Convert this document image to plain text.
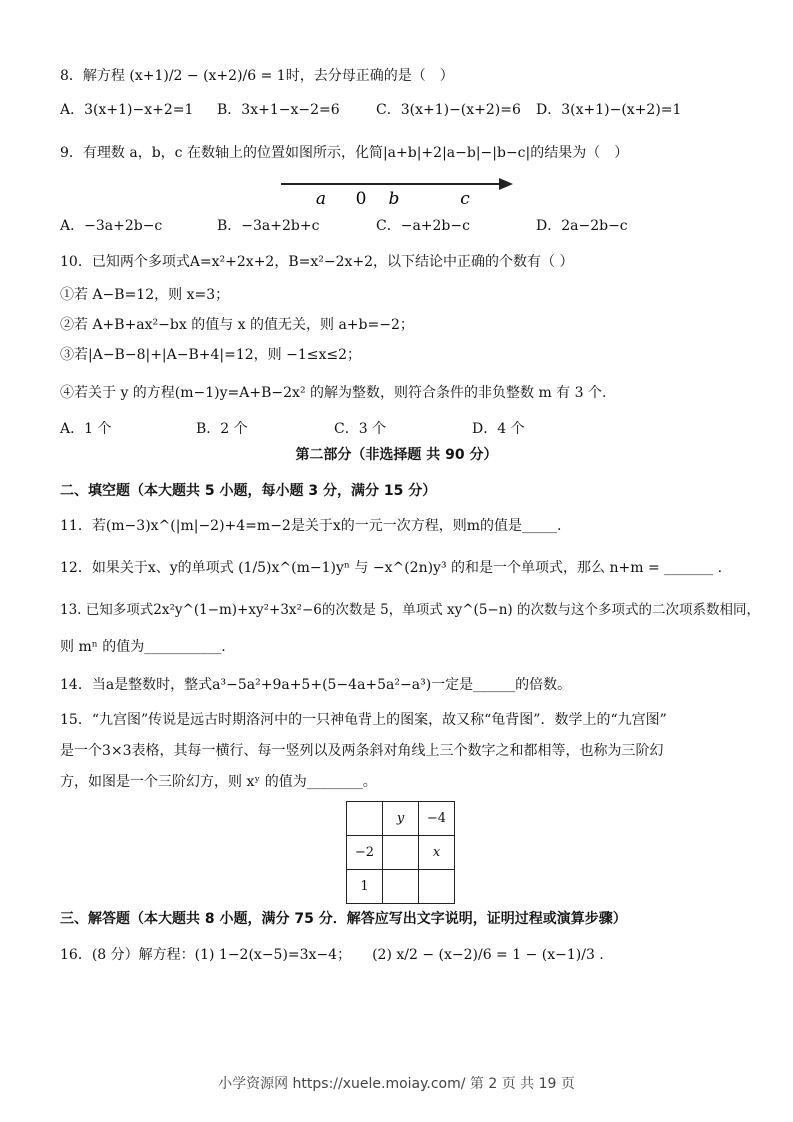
8．解方程 (x+1)/2 − (x+2)/6 = 1时，去分母正确的是（　）
A．3(x+1)−x+2=1 B．3x+1−x−2=6	C．3(x+1)−(x+2)=6 D．3(x+1)−(x+2)=1
9．有理数 a，b，c 在数轴上的位置如图所示，化简|a+b|+2|a−b|−|b−c|的结果为（　）
a 0 b	c
A．−3a+2b−c	B．−3a+2b+c	C．−a+2b−c	D．2a−2b−c
10．已知两个多项式A=x²+2x+2，B=x²−2x+2，以下结论中正确的个数有（ ）
①若 A−B=12，则 x=3；
②若 A+B+ax²−bx 的值与 x 的值无关，则 a+b=−2；
③若|A−B−8|+|A−B+4|=12，则 −1≤x≤2；
④若关于 y 的方程(m−1)y=A+B−2x² 的解为整数，则符合条件的非负整数 m 有 3 个.
A．1 个	B．2 个	C．3 个	D．4 个
第二部分（非选择题 共 90 分）
二、填空题（本大题共 5 小题，每小题 3 分，满分 15 分）
11．若(m−3)x^(|m|−2)+4=m−2是关于x的一元一次方程，则m的值是_____.
12．如果关于x、y的单项式 (1/5)x^(m−1)yⁿ 与 −x^(2n)y³ 的和是一个单项式，那么 n+m = _______ .
13. 已知多项式2x²y^(1−m)+xy²+3x²−6的次数是 5，单项式 xy^(5−n) 的次数与这个多项式的二次项系数相同，
则 mⁿ 的值为___________.
14．当a是整数时，整式a³−5a²+9a+5+(5−4a+5a²−a³)一定是______的倍数。
15．“九宫图”传说是远古时期洛河中的一只神龟背上的图案，故又称“龟背图”．数学上的“九宫图”
是一个3×3表格，其每一横行、每一竖列以及两条斜对角线上三个数字之和都相等，也称为三阶幻
方，如图是一个三阶幻方，则 xʸ 的值为________。
	y	−4
−2		x
1		
三、解答题（本大题共 8 小题，满分 75 分．解答应写出文字说明，证明过程或演算步骤）
16．(8 分）解方程：(1) 1−2(x−5)=3x−4；　　(2) x/2 − (x−2)/6 = 1 − (x−1)/3 .
小学资源网 https://xuele.moiay.com/ 第 2 页 共 19 页
